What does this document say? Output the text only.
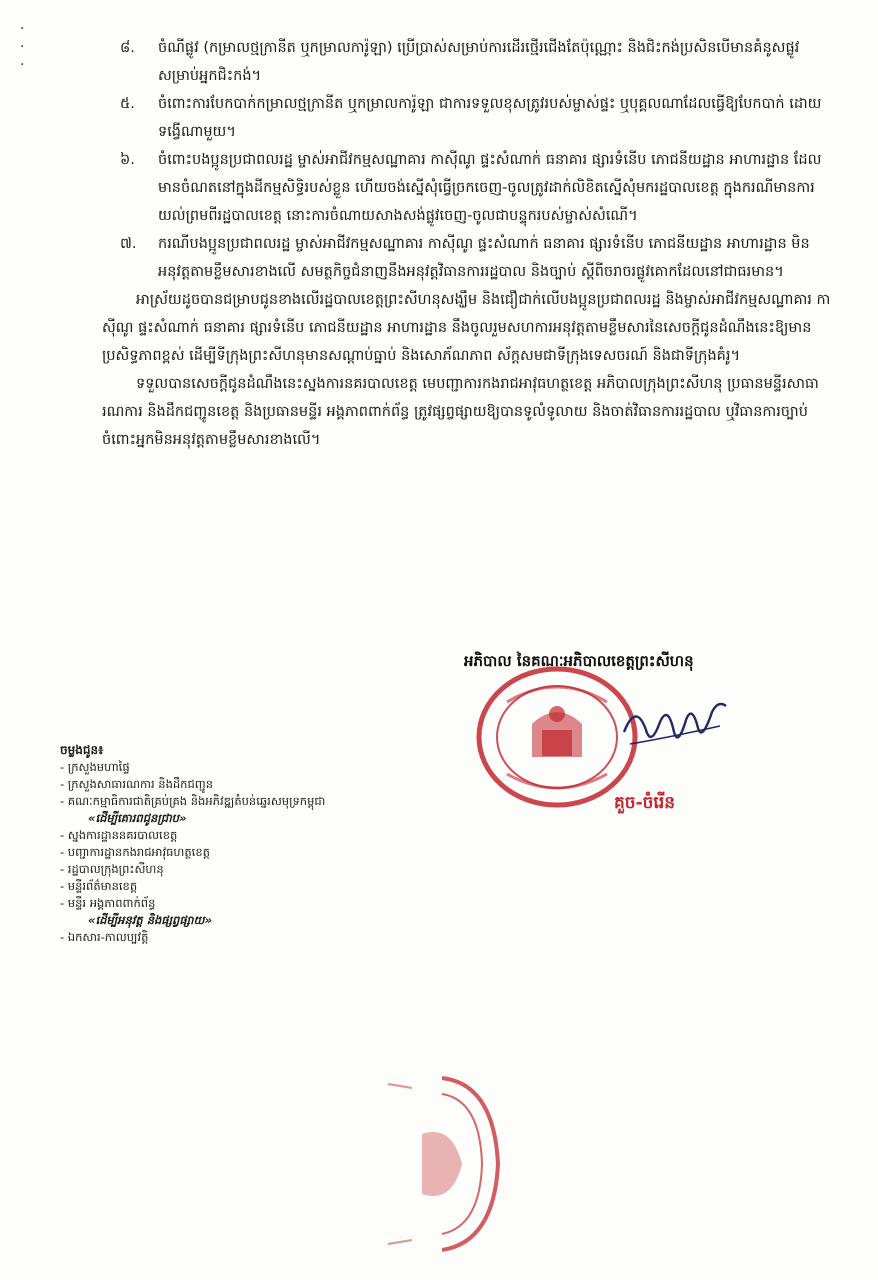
·
·
·
៨.	ចំណីផ្លូវ (កម្រាលថ្មក្រានីត ឬកម្រាលការ៉ូឡា) ប្រើប្រាស់សម្រាប់ការដើរថ្មើរជើងតែប៉ុណ្ណោះ និងជិះកង់ប្រសិនបើមានគំនូសផ្លូវសម្រាប់អ្នកជិះកង់។
៥.	ចំពោះការបែកបាក់កម្រាលថ្មក្រានីត ឬកម្រាលការ៉ូឡា ជាការទទួលខុសត្រូវរបស់ម្ចាស់ផ្ទះ ឬបុគ្គលណាដែលធ្វើឱ្យបែកបាក់ ដោយទង្វើណាមួយ។
៦.	ចំពោះបងប្អូនប្រជាពលរដ្ឋ ម្ចាស់អាជីវកម្មសណ្ឋាគារ កាស៊ីណូ ផ្ទះសំណាក់ ធនាគារ ផ្សារទំនើប ភោជនីយដ្ឋាន អាហារដ្ឋាន ដែលមានចំណតនៅក្នុងដីកម្មសិទ្ធិរបស់ខ្លួន ហើយចង់ស្នើសុំធ្វើច្រកចេញ-ចូលត្រូវដាក់លិខិតស្នើសុំមករដ្ឋបាលខេត្ត ក្នុងករណីមានការយល់ព្រមពីរដ្ឋបាលខេត្ត នោះការចំណាយសាងសង់ផ្លូវចេញ-ចូលជាបន្ទុករបស់ម្ចាស់សំណើ។
៧.	ករណីបងប្អូនប្រជាពលរដ្ឋ ម្ចាស់អាជីវកម្មសណ្ឋាគារ កាស៊ីណូ ផ្ទះសំណាក់ ធនាគារ ផ្សារទំនើប ភោជនីយដ្ឋាន អាហារដ្ឋាន មិនអនុវត្តតាមខ្លឹមសារខាងលើ សមត្ថកិច្ចជំនាញនឹងអនុវត្តវិធានការរដ្ឋបាល និងច្បាប់ ស្តីពីចរាចរផ្លូវគោកដែលនៅជាធរមាន។
អាស្រ័យដូចបានជម្រាបជូនខាងលើរដ្ឋបាលខេត្តព្រះសីហនុសង្ឃឹម និងជឿជាក់លើបងប្អូនប្រជាពលរដ្ឋ និងម្ចាស់អាជីវកម្មសណ្ឋាគារ កាស៊ីណូ ផ្ទះសំណាក់ ធនាគារ ផ្សារទំនើប ភោជនីយដ្ឋាន អាហារដ្ឋាន នឹងចូលរួមសហការអនុវត្តតាមខ្លឹមសារនៃសេចក្តីជូនដំណឹងនេះឱ្យមានប្រសិទ្ធភាពខ្ពស់ ដើម្បីទីក្រុងព្រះសីហនុមានសណ្តាប់ធ្នាប់ និងសោភ័ណភាព ស័ក្តសមជាទីក្រុងទេសចរណ៍ និងជាទីក្រុងគំរូ។
ទទួលបានសេចក្តីជូនដំណឹងនេះស្នងការនគរបាលខេត្ត មេបញ្ជាការកងរាជអាវុធហត្ថខេត្ត អភិបាលក្រុងព្រះសីហនុ ប្រធានមន្ទីរសាធារណការ និងដឹកជញ្ជូនខេត្ត និងប្រធានមន្ទីរ អង្គភាពពាក់ព័ន្ធ ត្រូវផ្សព្វផ្សាយឱ្យបានទូលំទូលាយ និងចាត់វិធានការរដ្ឋបាល ឬវិធានការច្បាប់ចំពោះអ្នកមិនអនុវត្តតាមខ្លឹមសារខាងលើ។
អភិបាល នៃគណៈអភិបាលខេត្តព្រះសីហនុ
គួច-ចំរើន
ចម្លងជូន៖
- ក្រសួងមហាផ្ទៃ
- ក្រសួងសាធារណការ និងដឹកជញ្ជូន
- គណៈកម្មាធិការជាតិគ្រប់គ្រង និងអភិវឌ្ឍតំបន់ឆ្នេរសមុទ្រកម្ពុជា
«ដើម្បីគោរពជូនជ្រាប»
- ស្នងការដ្ឋាននគរបាលខេត្ត
- បញ្ជាការដ្ឋានកងរាជអាវុធហត្ថខេត្ត
- រដ្ឋបាលក្រុងព្រះសីហនុ
- មន្ទីរព័ត៌មានខេត្ត
- មន្ទីរ អង្គភាពពាក់ព័ន្ធ
«ដើម្បីអនុវត្ត និងផ្សព្វផ្សាយ»
- ឯកសារ-កាលប្បវត្តិ
